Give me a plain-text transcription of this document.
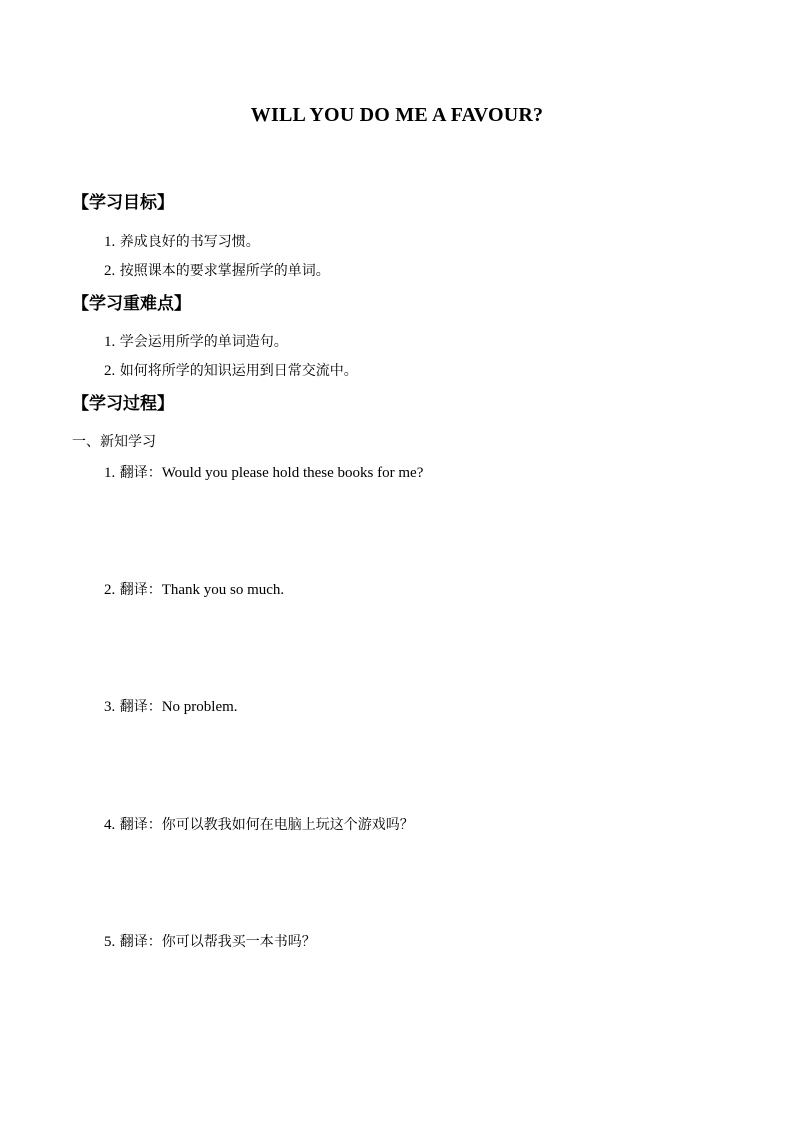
WILL YOU DO ME A FAVOUR?
【学习目标】
1. 养成良好的书写习惯。
2. 按照课本的要求掌握所学的单词。
【学习重难点】
1. 学会运用所学的单词造句。
2. 如何将所学的知识运用到日常交流中。
【学习过程】
一、新知学习
1. 翻译：Would you please hold these books for me?
2. 翻译：Thank you so much.
3. 翻译：No problem.
4. 翻译：你可以教我如何在电脑上玩这个游戏吗？
5. 翻译：你可以帮我买一本书吗？
